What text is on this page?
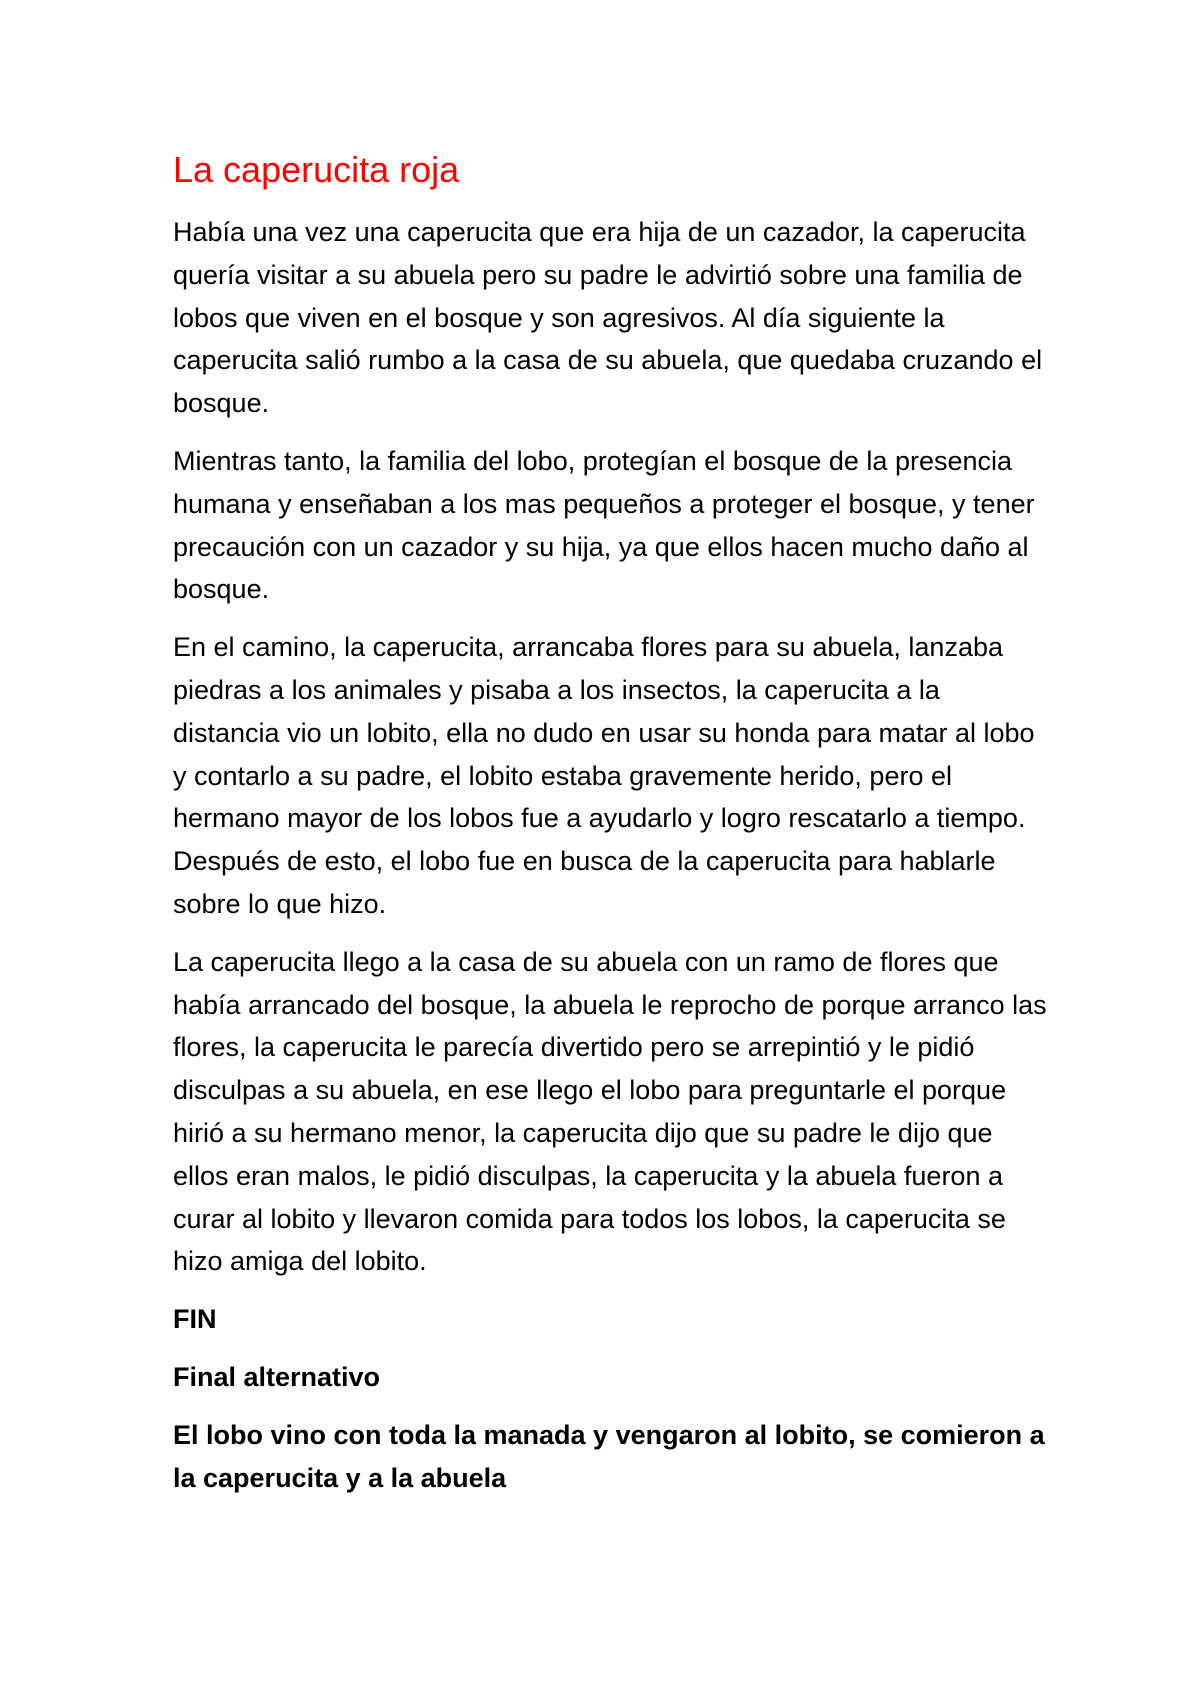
La caperucita roja

Había una vez una caperucita que era hija de un cazador, la caperucita quería visitar a su abuela pero su padre le advirtió sobre una familia de lobos que viven en el bosque y son agresivos. Al día siguiente la caperucita salió rumbo a la casa de su abuela, que quedaba cruzando el bosque.

Mientras tanto, la familia del lobo, protegían el bosque de la presencia humana y enseñaban a los mas pequeños a proteger el bosque, y tener precaución con un cazador y su hija, ya que ellos hacen mucho daño al bosque.

En el camino, la caperucita, arrancaba flores para su abuela, lanzaba piedras a los animales y pisaba a los insectos, la caperucita a la distancia vio un lobito, ella no dudo en usar su honda para matar al lobo y contarlo a su padre, el lobito estaba gravemente herido, pero el hermano mayor de los lobos fue a ayudarlo y logro rescatarlo a tiempo. Después de esto, el lobo fue en busca de la caperucita para hablarle sobre lo que hizo.

La caperucita llego a la casa de su abuela con un ramo de flores que había arrancado del bosque, la abuela le reprocho de porque arranco las flores, la caperucita le parecía divertido pero se arrepintió y le pidió disculpas a su abuela, en ese llego el lobo para preguntarle el porque hirió a su hermano menor, la caperucita dijo que su padre le dijo que ellos eran malos, le pidió disculpas, la caperucita y la abuela fueron a curar al lobito y llevaron comida para todos los lobos, la caperucita se hizo amiga del lobito.

FIN

Final alternativo

El lobo vino con toda la manada y vengaron al lobito, se comieron a la caperucita y a la abuela
